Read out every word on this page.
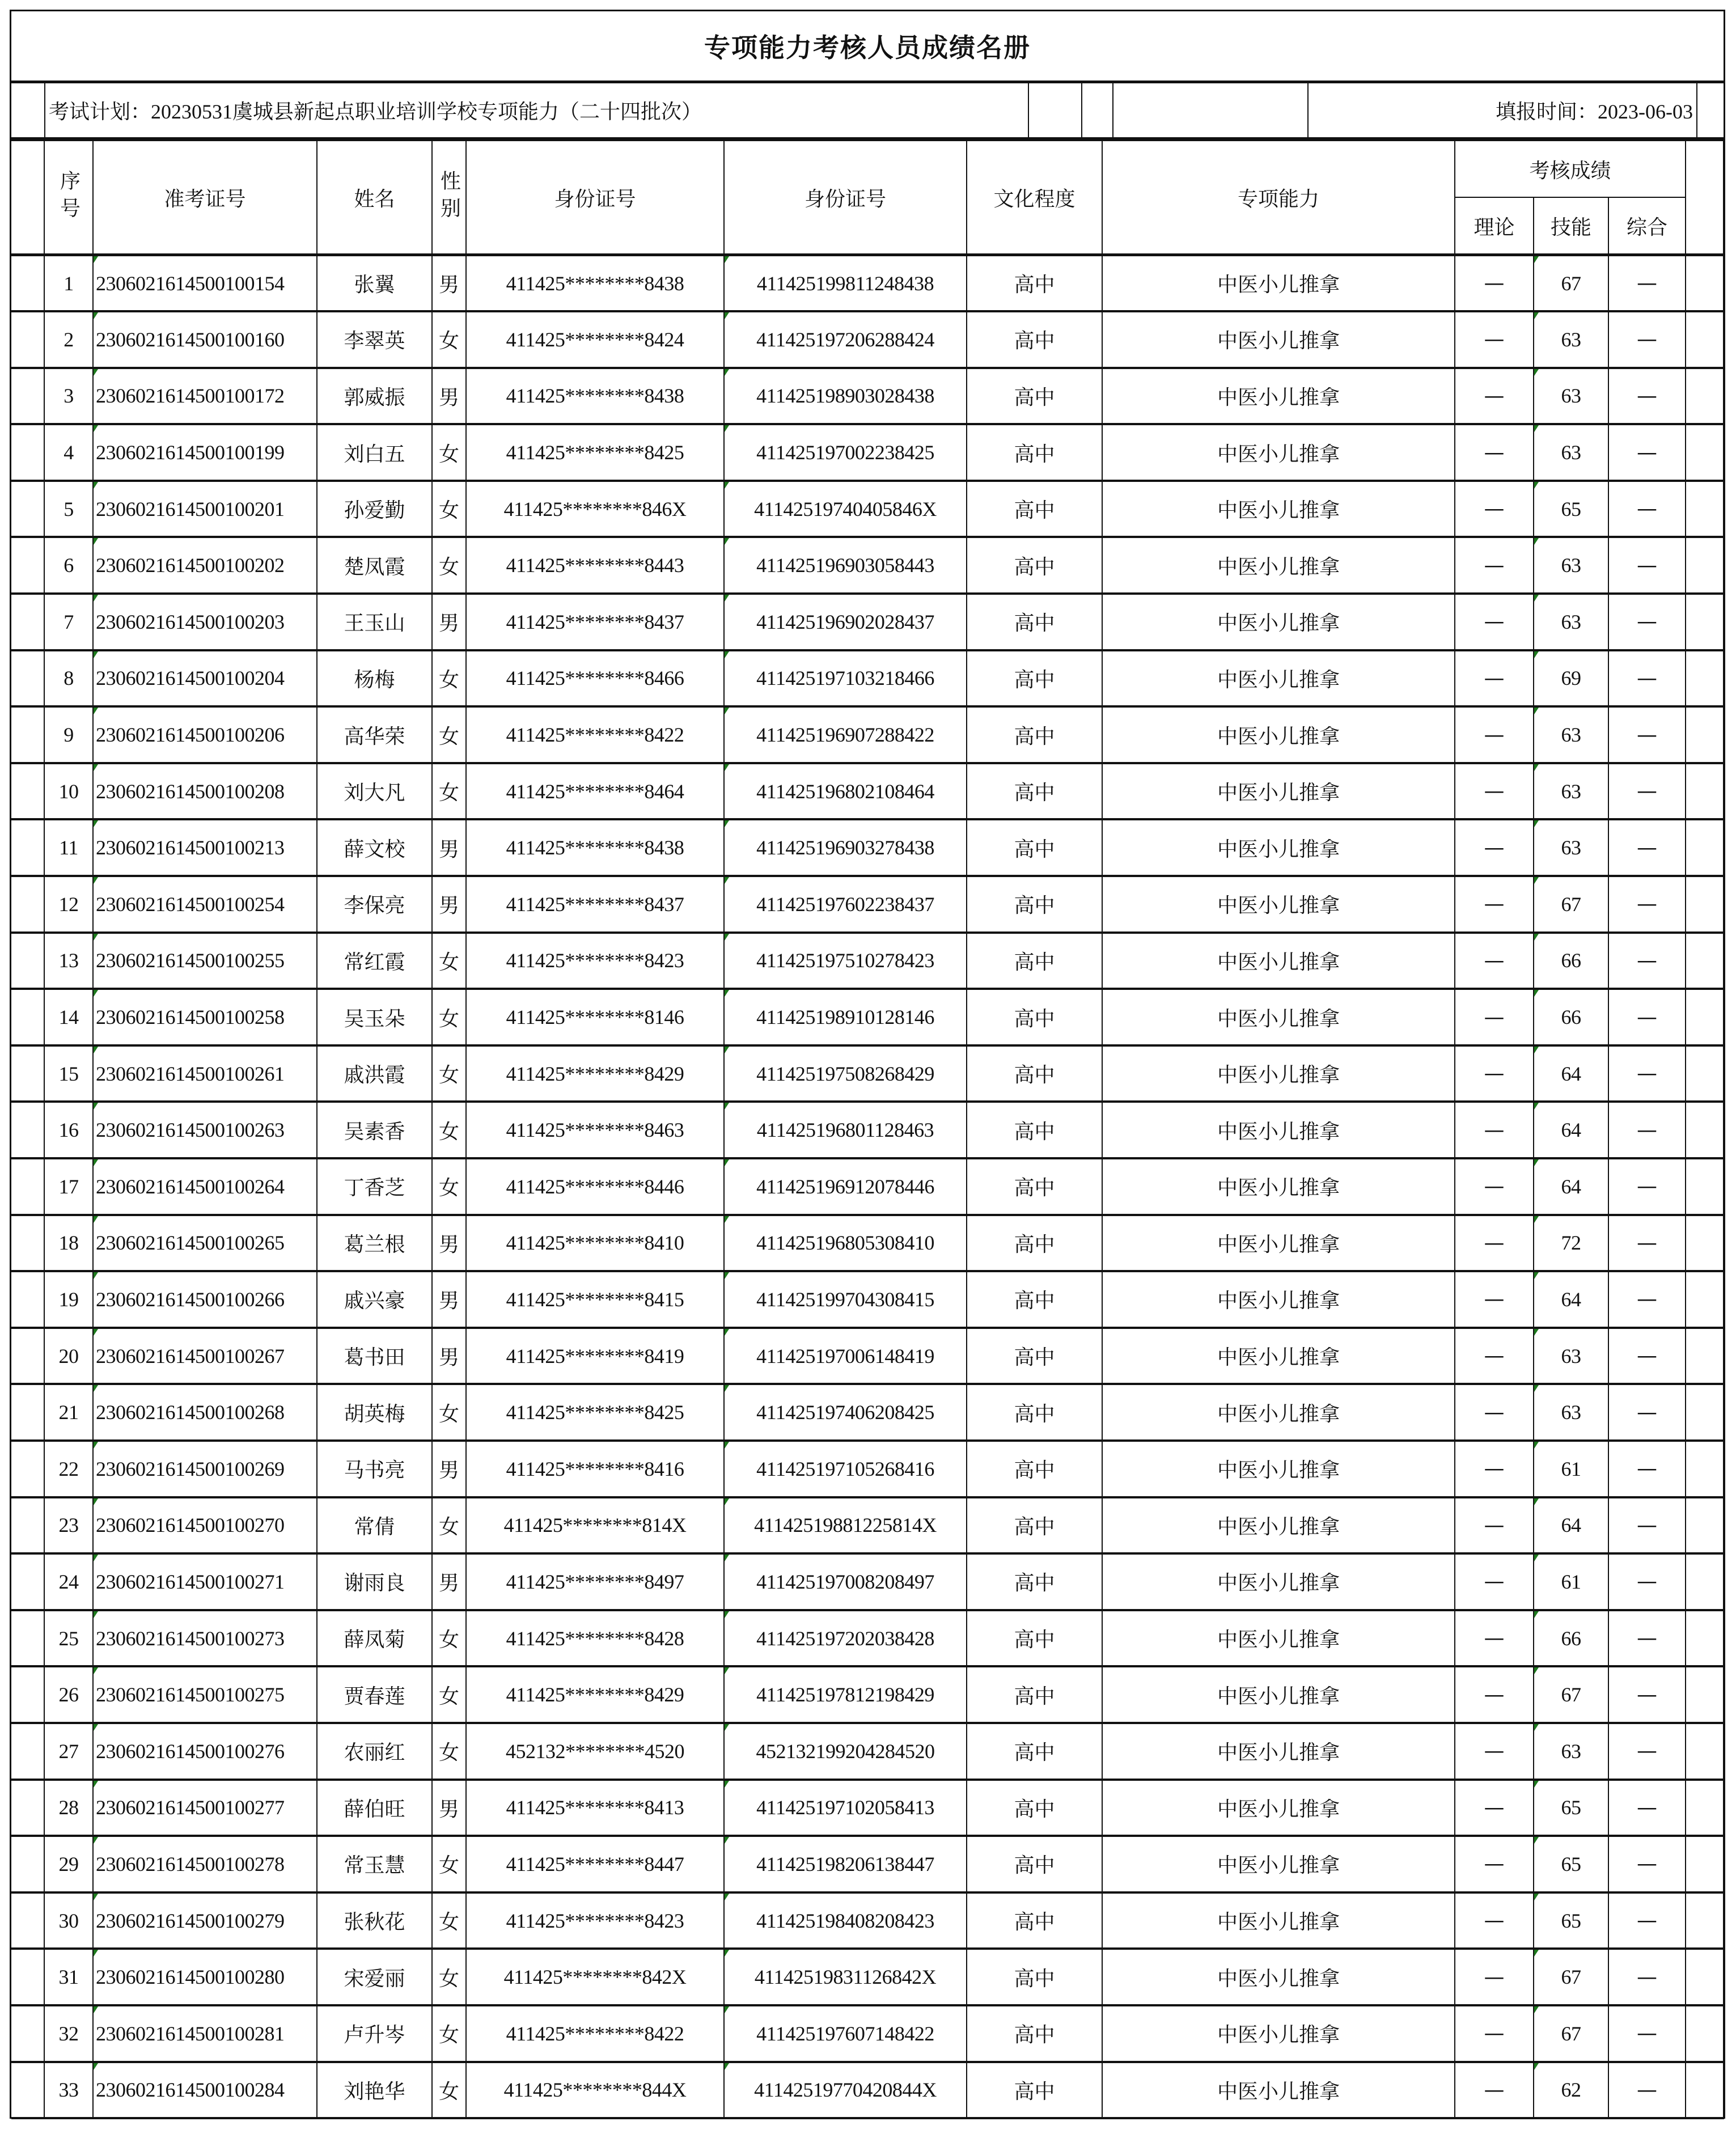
专项能力考核人员成绩名册
考试计划：20230531虞城县新起点职业培训学校专项能力（二十四批次）	填报时间：2023-06-03
	序号	准考证号	姓名	性别	身份证号	身份证号	文化程度	专项能力	考核成绩			
									理论	技能	综合	
	1	2306021614500100154	张翼	男	411425********8438	411425199811248438	高中	中医小儿推拿	—	67	—	
	2	2306021614500100160	李翠英	女	411425********8424	411425197206288424	高中	中医小儿推拿	—	63	—	
	3	2306021614500100172	郭威振	男	411425********8438	411425198903028438	高中	中医小儿推拿	—	63	—	
	4	2306021614500100199	刘白五	女	411425********8425	411425197002238425	高中	中医小儿推拿	—	63	—	
	5	2306021614500100201	孙爱勤	女	411425********846X	41142519740405846X	高中	中医小儿推拿	—	65	—	
	6	2306021614500100202	楚凤霞	女	411425********8443	411425196903058443	高中	中医小儿推拿	—	63	—	
	7	2306021614500100203	王玉山	男	411425********8437	411425196902028437	高中	中医小儿推拿	—	63	—	
	8	2306021614500100204	杨梅	女	411425********8466	411425197103218466	高中	中医小儿推拿	—	69	—	
	9	2306021614500100206	高华荣	女	411425********8422	411425196907288422	高中	中医小儿推拿	—	63	—	
	10	2306021614500100208	刘大凡	女	411425********8464	411425196802108464	高中	中医小儿推拿	—	63	—	
	11	2306021614500100213	薛文校	男	411425********8438	411425196903278438	高中	中医小儿推拿	—	63	—	
	12	2306021614500100254	李保亮	男	411425********8437	411425197602238437	高中	中医小儿推拿	—	67	—	
	13	2306021614500100255	常红霞	女	411425********8423	411425197510278423	高中	中医小儿推拿	—	66	—	
	14	2306021614500100258	吴玉朵	女	411425********8146	411425198910128146	高中	中医小儿推拿	—	66	—	
	15	2306021614500100261	戚洪霞	女	411425********8429	411425197508268429	高中	中医小儿推拿	—	64	—	
	16	2306021614500100263	吴素香	女	411425********8463	411425196801128463	高中	中医小儿推拿	—	64	—	
	17	2306021614500100264	丁香芝	女	411425********8446	411425196912078446	高中	中医小儿推拿	—	64	—	
	18	2306021614500100265	葛兰根	男	411425********8410	411425196805308410	高中	中医小儿推拿	—	72	—	
	19	2306021614500100266	戚兴豪	男	411425********8415	411425199704308415	高中	中医小儿推拿	—	64	—	
	20	2306021614500100267	葛书田	男	411425********8419	411425197006148419	高中	中医小儿推拿	—	63	—	
	21	2306021614500100268	胡英梅	女	411425********8425	411425197406208425	高中	中医小儿推拿	—	63	—	
	22	2306021614500100269	马书亮	男	411425********8416	411425197105268416	高中	中医小儿推拿	—	61	—	
	23	2306021614500100270	常倩	女	411425********814X	41142519881225814X	高中	中医小儿推拿	—	64	—	
	24	2306021614500100271	谢雨良	男	411425********8497	411425197008208497	高中	中医小儿推拿	—	61	—	
	25	2306021614500100273	薛凤菊	女	411425********8428	411425197202038428	高中	中医小儿推拿	—	66	—	
	26	2306021614500100275	贾春莲	女	411425********8429	411425197812198429	高中	中医小儿推拿	—	67	—	
	27	2306021614500100276	农丽红	女	452132********4520	452132199204284520	高中	中医小儿推拿	—	63	—	
	28	2306021614500100277	薛伯旺	男	411425********8413	411425197102058413	高中	中医小儿推拿	—	65	—	
	29	2306021614500100278	常玉慧	女	411425********8447	411425198206138447	高中	中医小儿推拿	—	65	—	
	30	2306021614500100279	张秋花	女	411425********8423	411425198408208423	高中	中医小儿推拿	—	65	—	
	31	2306021614500100280	宋爱丽	女	411425********842X	41142519831126842X	高中	中医小儿推拿	—	67	—	
	32	2306021614500100281	卢升岑	女	411425********8422	411425197607148422	高中	中医小儿推拿	—	67	—	
	33	2306021614500100284	刘艳华	女	411425********844X	41142519770420844X	高中	中医小儿推拿	—	62	—	
